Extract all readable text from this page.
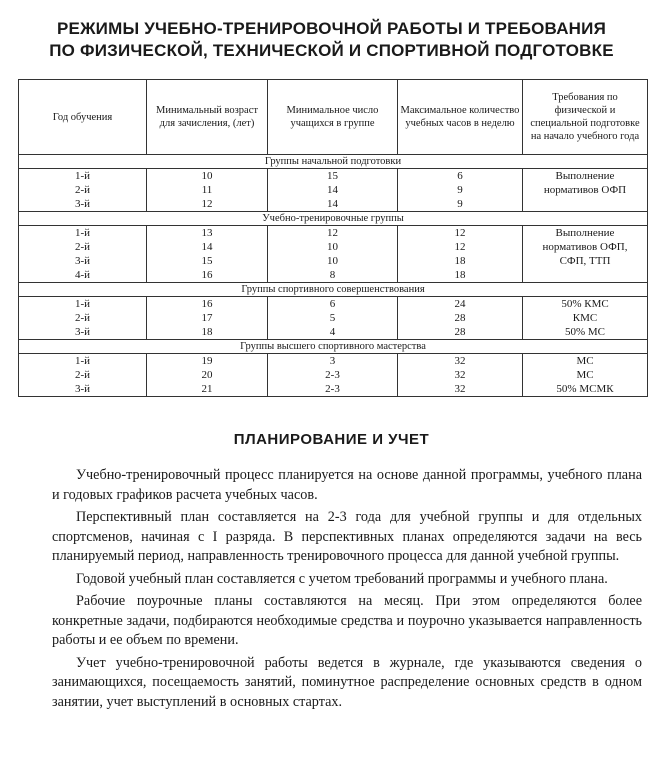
РЕЖИМЫ УЧЕБНО-ТРЕНИРОВОЧНОЙ РАБОТЫ И ТРЕБОВАНИЯ
ПО ФИЗИЧЕСКОЙ, ТЕХНИЧЕСКОЙ И СПОРТИВНОЙ ПОДГОТОВКЕ
Год обучения	Минимальный возраст для зачисления, (лет)	Минимальное число учащихся в группе	Максимальное количество учебных часов в неделю	Требования по физической и специальной подготовке на начало учебного года
Группы начальной подготовки				
1-й	10	15	6	Выполнение
нормативов ОФП

2-й	11	14	9	
3-й	12	14	9	
Учебно-тренировочные группы				
1-й	13	12	12	Выполнение
нормативов ОФП,
СФП, ТТП

2-й	14	10	12	
3-й	15	10	18	
4-й	16	8	18	
Группы спортивного совершенствования				
1-й	16	6	24	50% КМС
2-й	17	5	28	КМС
3-й	18	4	28	50% МС
Группы высшего спортивного мастерства				
1-й	19	3	32	МС
2-й	20	2-3	32	МС
3-й	21	2-3	32	50% МСМК
ПЛАНИРОВАНИЕ И УЧЕТ

Учебно-тренировочный процесс планируется на основе данной программы, учебного плана и годовых графиков расчета учебных часов.

Перспективный план составляется на 2-3 года для учебной группы и для отдельных спортсменов, начиная с I разряда. В перспективных планах определяются задачи на весь планируемый период, направленность тренировочного процесса для данной учебной группы.

Годовой учебный план составляется с учетом требований программы и учебного плана.

Рабочие поурочные планы составляются на месяц. При этом определяются более конкретные задачи, подбираются необходимые средства и поурочно указывается направленность работы и ее объем по времени.

Учет учебно-тренировочной работы ведется в журнале, где указываются сведения о занимающихся, посещаемость занятий, поминутное распределение основных средств в одном занятии, учет выступлений в основных стартах.
